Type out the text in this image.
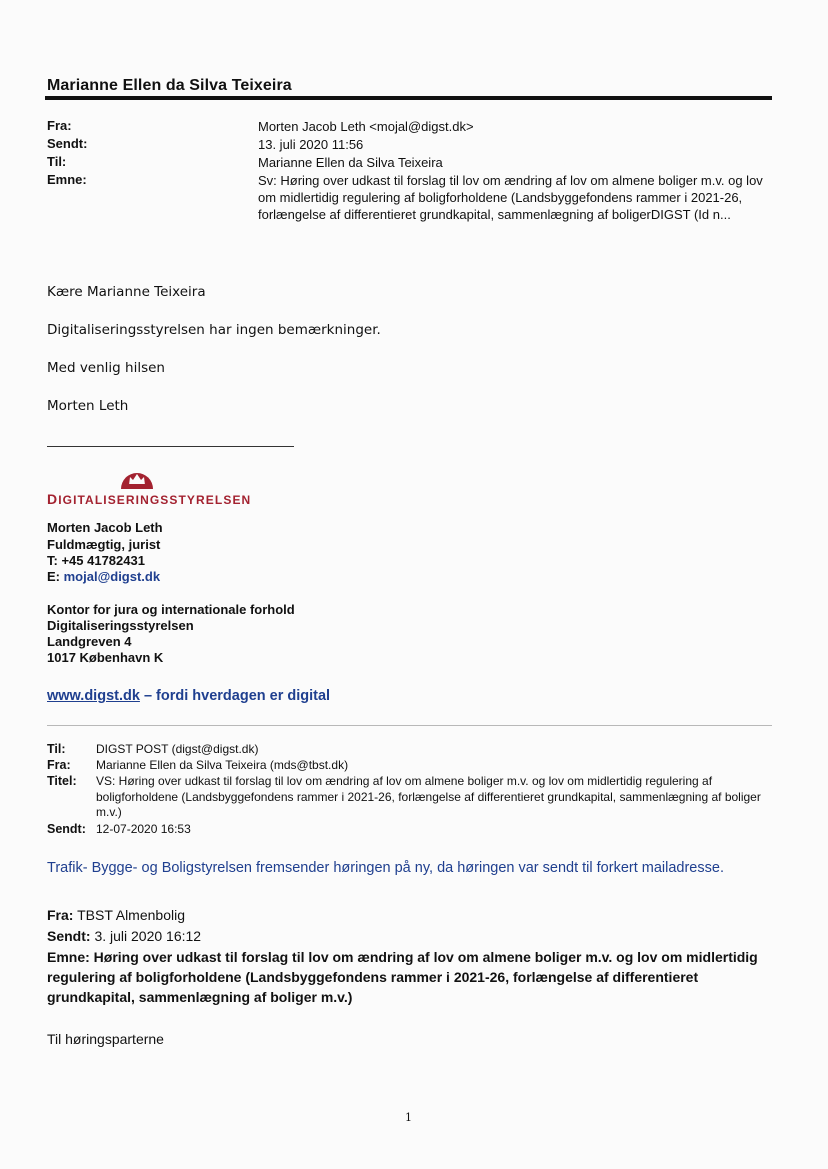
Marianne Ellen da Silva Teixeira
Fra:	Morten Jacob Leth <mojal@digst.dk>
Sendt:	13. juli 2020 11:56
Til:	Marianne Ellen da Silva Teixeira
Emne:	Sv: Høring over udkast til forslag til lov om ændring af lov om almene boliger m.v. og lov om midlertidig regulering af boligforholdene (Landsbyggefondens rammer i 2021-26, forlængelse af differentieret grundkapital, sammenlægning af boligerDIGST (Id n...
Kære Marianne Teixeira
Digitaliseringsstyrelsen har ingen bemærkninger.
Med venlig hilsen
Morten Leth
DIGITALISERINGSSTYRELSEN
Morten Jacob Leth
Fuldmægtig, jurist
T: +45 41782431
E: mojal@digst.dk
Kontor for jura og internationale forhold
Digitaliseringsstyrelsen
Landgreven 4
1017 København K
www.digst.dk – fordi hverdagen er digital
Til:	DIGST POST (digst@digst.dk)
Fra: Marianne Ellen da Silva Teixeira (mds@tbst.dk)
Titel: VS: Høring over udkast til forslag til lov om ændring af lov om almene boliger m.v. og lov om midlertidig regulering af boligforholdene (Landsbyggefondens rammer i 2021-26, forlængelse af differentieret grundkapital, sammenlægning af boliger m.v.)
Sendt: 12-07-2020 16:53
Trafik- Bygge- og Boligstyrelsen fremsender høringen på ny, da høringen var sendt til forkert mailadresse.
Fra: TBST Almenbolig
Sendt: 3. juli 2020 16:12
Emne: Høring over udkast til forslag til lov om ændring af lov om almene boliger m.v. og lov om midlertidig regulering af boligforholdene (Landsbyggefondens rammer i 2021-26, forlængelse af differentieret grundkapital, sammenlægning af boliger m.v.)
Til høringsparterne
1
